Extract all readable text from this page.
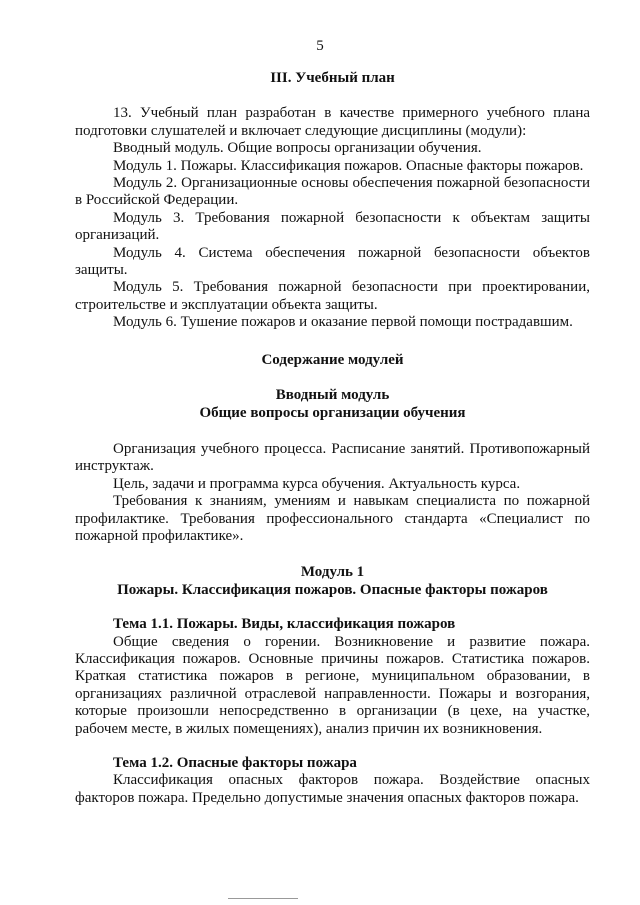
5
III. Учебный план

13. Учебный план разработан в качестве примерного учебного плана подготовки слушателей и включает следующие дисциплины (модули):

Вводный модуль. Общие вопросы организации обучения.

Модуль 1. Пожары. Классификация пожаров. Опасные факторы пожаров.

Модуль 2. Организационные основы обеспечения пожарной безопасности в Российской Федерации.

Модуль 3. Требования пожарной безопасности к объектам защиты организаций.

Модуль 4. Система обеспечения пожарной безопасности объектов защиты.

Модуль 5. Требования пожарной безопасности при проектировании, строительстве и эксплуатации объекта защиты.

Модуль 6. Тушение пожаров и оказание первой помощи пострадавшим.

Содержание модулей
Вводный модуль
Общие вопросы организации обучения

Организация учебного процесса. Расписание занятий. Противопожарный инструктаж.

Цель, задачи и программа курса обучения. Актуальность курса.

Требования к знаниям, умениям и навыкам специалиста по пожарной профилактике. Требования профессионального стандарта «Специалист по пожарной профилактике».

Модуль 1
Пожары. Классификация пожаров. Опасные факторы пожаров
Тема 1.1. Пожары. Виды, классификация пожаров

Общие сведения о горении. Возникновение и развитие пожара. Классификация пожаров. Основные причины пожаров. Статистика пожаров. Краткая статистика пожаров в регионе, муниципальном образовании, в организациях различной отраслевой направленности. Пожары и возгорания, которые произошли непосредственно в организации (в цехе, на участке, рабочем месте, в жилых помещениях), анализ причин их возникновения.

Тема 1.2. Опасные факторы пожара

Классификация опасных факторов пожара. Воздействие опасных факторов пожара. Предельно допустимые значения опасных факторов пожара.
